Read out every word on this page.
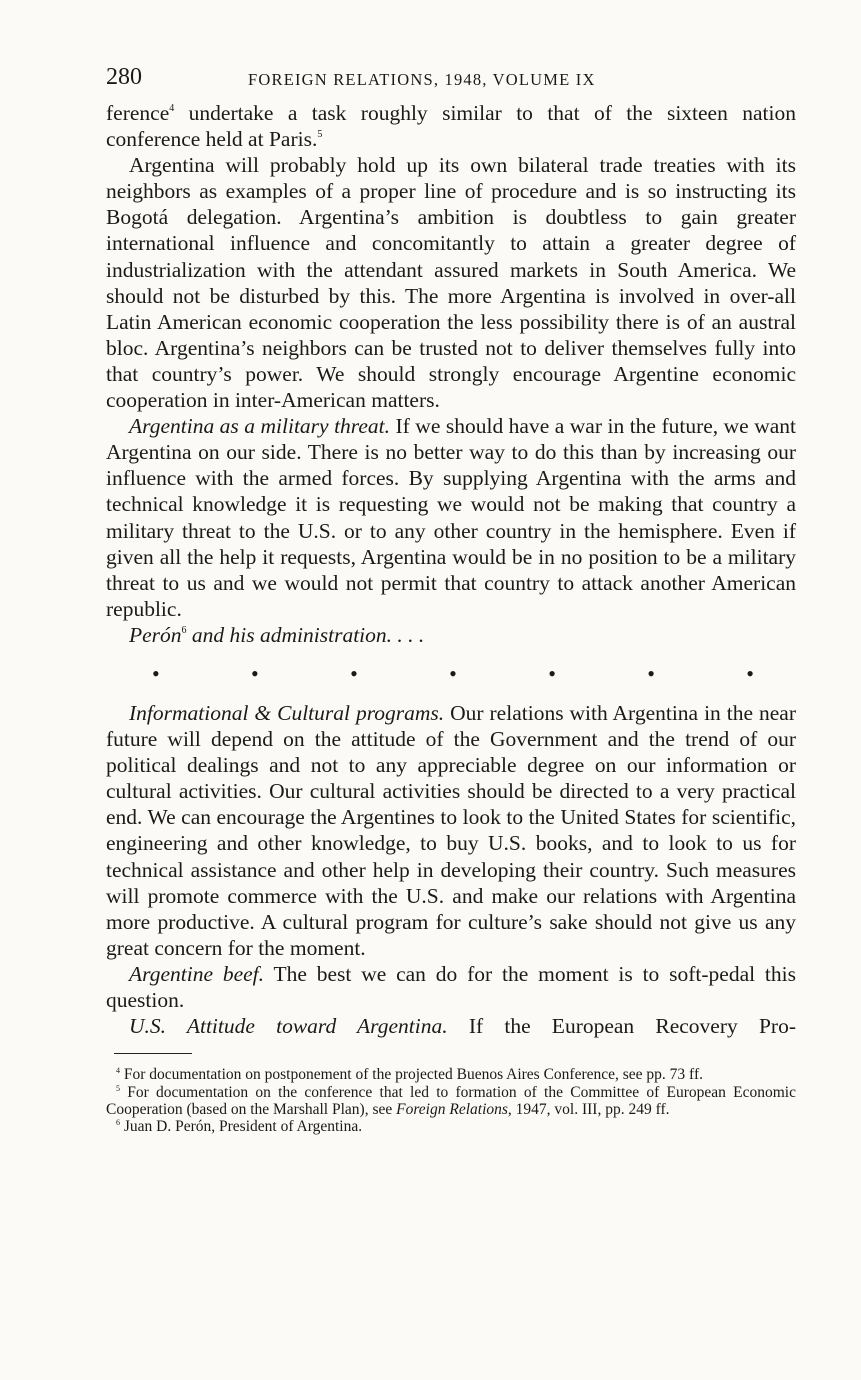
280	FOREIGN RELATIONS, 1948, VOLUME IX

ference$^4$ undertake a task roughly similar to that of the sixteen nation conference held at Paris.$^5$

Argentina will probably hold up its own bilateral trade treaties with its neighbors as examples of a proper line of procedure and is so instructing its Bogotá delegation. Argentina’s ambition is doubtless to gain greater international influence and concomitantly to attain a greater degree of industrialization with the attendant assured markets in South America. We should not be disturbed by this. The more Argentina is involved in over-all Latin American economic cooperation the less possibility there is of an austral bloc. Argentina’s neighbors can be trusted not to deliver themselves fully into that country’s power. We should strongly encourage Argentine economic cooperation in inter-American matters.

Argentina as a military threat. If we should have a war in the future, we want Argentina on our side. There is no better way to do this than by increasing our influence with the armed forces. By supplying Argentina with the arms and technical knowledge it is requesting we would not be making that country a military threat to the U.S. or to any other country in the hemisphere. Even if given all the help it requests, Argentina would be in no position to be a military threat to us and we would not permit that country to attack another American republic.

Perón$^6$ and his administration. . . .

•	•	•	•	•	•	•

Informational & Cultural programs. Our relations with Argentina in the near future will depend on the attitude of the Government and the trend of our political dealings and not to any appreciable degree on our information or cultural activities. Our cultural activities should be directed to a very practical end. We can encourage the Argentines to look to the United States for scientific, engineering and other knowledge, to buy U.S. books, and to look to us for technical assistance and other help in developing their country. Such measures will promote commerce with the U.S. and make our relations with Argentina more productive. A cultural program for culture’s sake should not give us any great concern for the moment.

Argentine beef. The best we can do for the moment is to soft-pedal this question.

U.S. Attitude toward Argentina. If the European Recovery Pro-

$^4$ For documentation on postponement of the projected Buenos Aires Conference, see pp. 73 ff.

$^5$ For documentation on the conference that led to formation of the Committee of European Economic Cooperation (based on the Marshall Plan), see Foreign Relations, 1947, vol. III, pp. 249 ff.

$^6$ Juan D. Perón, President of Argentina.
